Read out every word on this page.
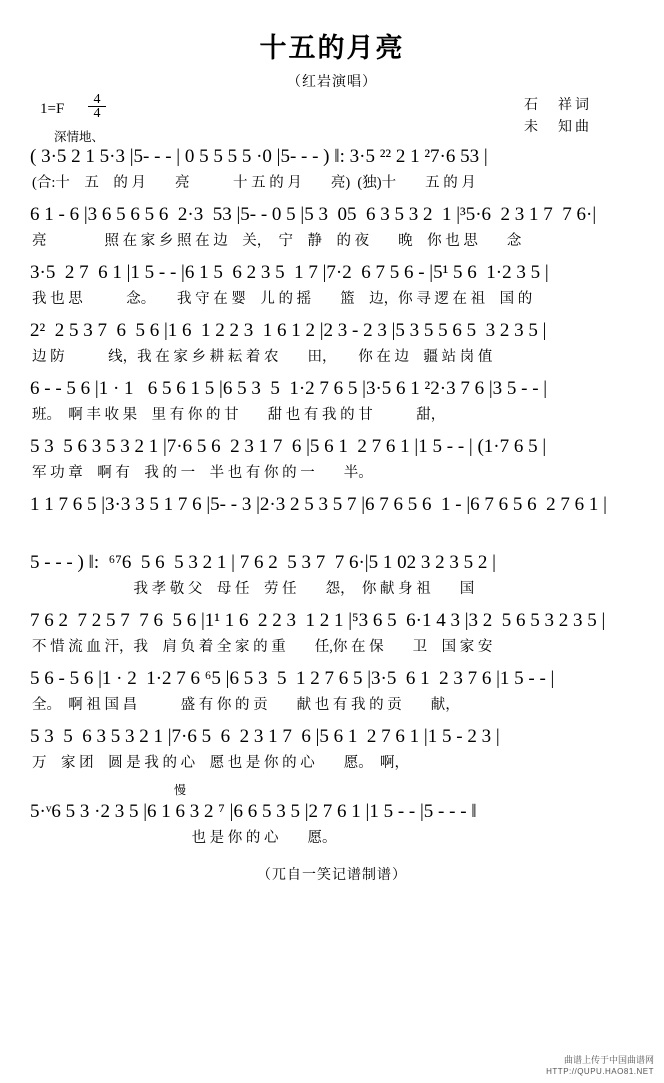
十五的月亮
（红岩演唱）
$1=F \frac{4}{4}$	石　祥词
未　知曲
深情地、
( 3·5 2 1 5·3 |5- - - | 0 5 5 5 5 ·0 |5- - - ) ‖: 3·5 ²² 2 1 ²7·6 53 |
(合:十　五　的 月　　亮　　　十 五 的 月　　亮)  (独)十　　五 的 月
6 1 - 6 |3 6 5 6 5 6  2·3  53 |5- - 0 5 |5 3  05  6 3 5 3 2  1 |³5·6  2 3 1 7  7 6·|
亮　　　　照 在 家 乡 照 在 边　关，　宁　静　的 夜　　晚　你 也 思　　念
3·5  2 7  6 1 |1 5 - - |6 1 5  6 2 3 5  1 7 |7·2  6 7 5 6 - |5¹ 5 6  1·2 3 5 |
我 也 思　　　念。　　我 守 在 婴　儿 的 摇　　篮　边，你 寻 逻 在 祖　国 的
2²  2 5 3 7  6  5 6 |1 6  1 2 2 3  1 6 1 2 |2 3 - 2 3 |5 3 5 5 6 5  3 2 3 5 |
边 防　　　线，我 在 家 乡 耕 耘 着 农　　田，　　你 在 边　疆 站 岗 值
6 - - 5 6 |1 · 1   6 5 6 1 5 |6 5 3  5  1·2 7 6 5 |3·5 6 1 ²2·3 7 6 |3 5 - - |
班。　啊 丰 收 果　里 有 你 的 甘　　甜 也 有 我 的 甘　　　甜，
5 3  5 6 3 5 3 2 1 |7·6 5 6  2 3 1 7  6 |5 6 1  2 7 6 1 |1 5 - - | (1·7 6 5 |
军 功 章　啊 有　我 的 一　半 也 有 你 的 一　　半。
1 1 7 6 5 |3·3 3 5 1 7 6 |5- - 3 |2·3 2 5 3 5 7 |6 7 6 5 6  1 - |6 7 6 5 6  2 7 6 1 |
5 - - - ) ‖:  ⁶⁷6  5 6  5 3 2 1 | 7 6 2  5 3 7  7 6·|5 1 02 3 2 3 5 2 |
　　　　　　　我 孝 敬 父　母 任　劳 任　　怨，　你 献 身 祖　　国
7 6 2  7 2 5 7  7 6  5 6 |1¹ 1 6  2 2 3  1 2 1 |⁵3 6 5  6·1 4 3 |3 2  5 6 5 3 2 3 5 |
不 惜 流 血 汗，我　肩 负 着 全 家 的 重　　任,你 在 保　　卫　国 家 安
5 6 - 5 6 |1 · 2  1·2 7 6 ⁶5 |6 5 3  5  1 2 7 6 5 |3·5  6 1  2 3 7 6 |1 5 - - |
全。　啊 祖 国 昌　　　盛 有 你 的 贡　　献 也 有 我 的 贡　　献，
5 3  5  6 3 5 3 2 1 |7·6 5  6  2 3 1 7  6 |5 6 1  2 7 6 1 |1 5 - 2 3 |
万　家 团　圆 是 我 的 心　愿 也 是 你 的 心　　愿。　啊，
慢
5·ᵛ6 5 3 ·2 3 5 |6 1 6 3 2 ⁷ |6 6 5 3 5 |2 7 6 1 |1 5 - - |5 - - - ‖
　　　　　　　　　　　也 是 你 的 心　　愿。
（兀自一笑记谱制谱）
曲谱上传于中国曲谱网
HTTP://QUPU.HAO81.NET
